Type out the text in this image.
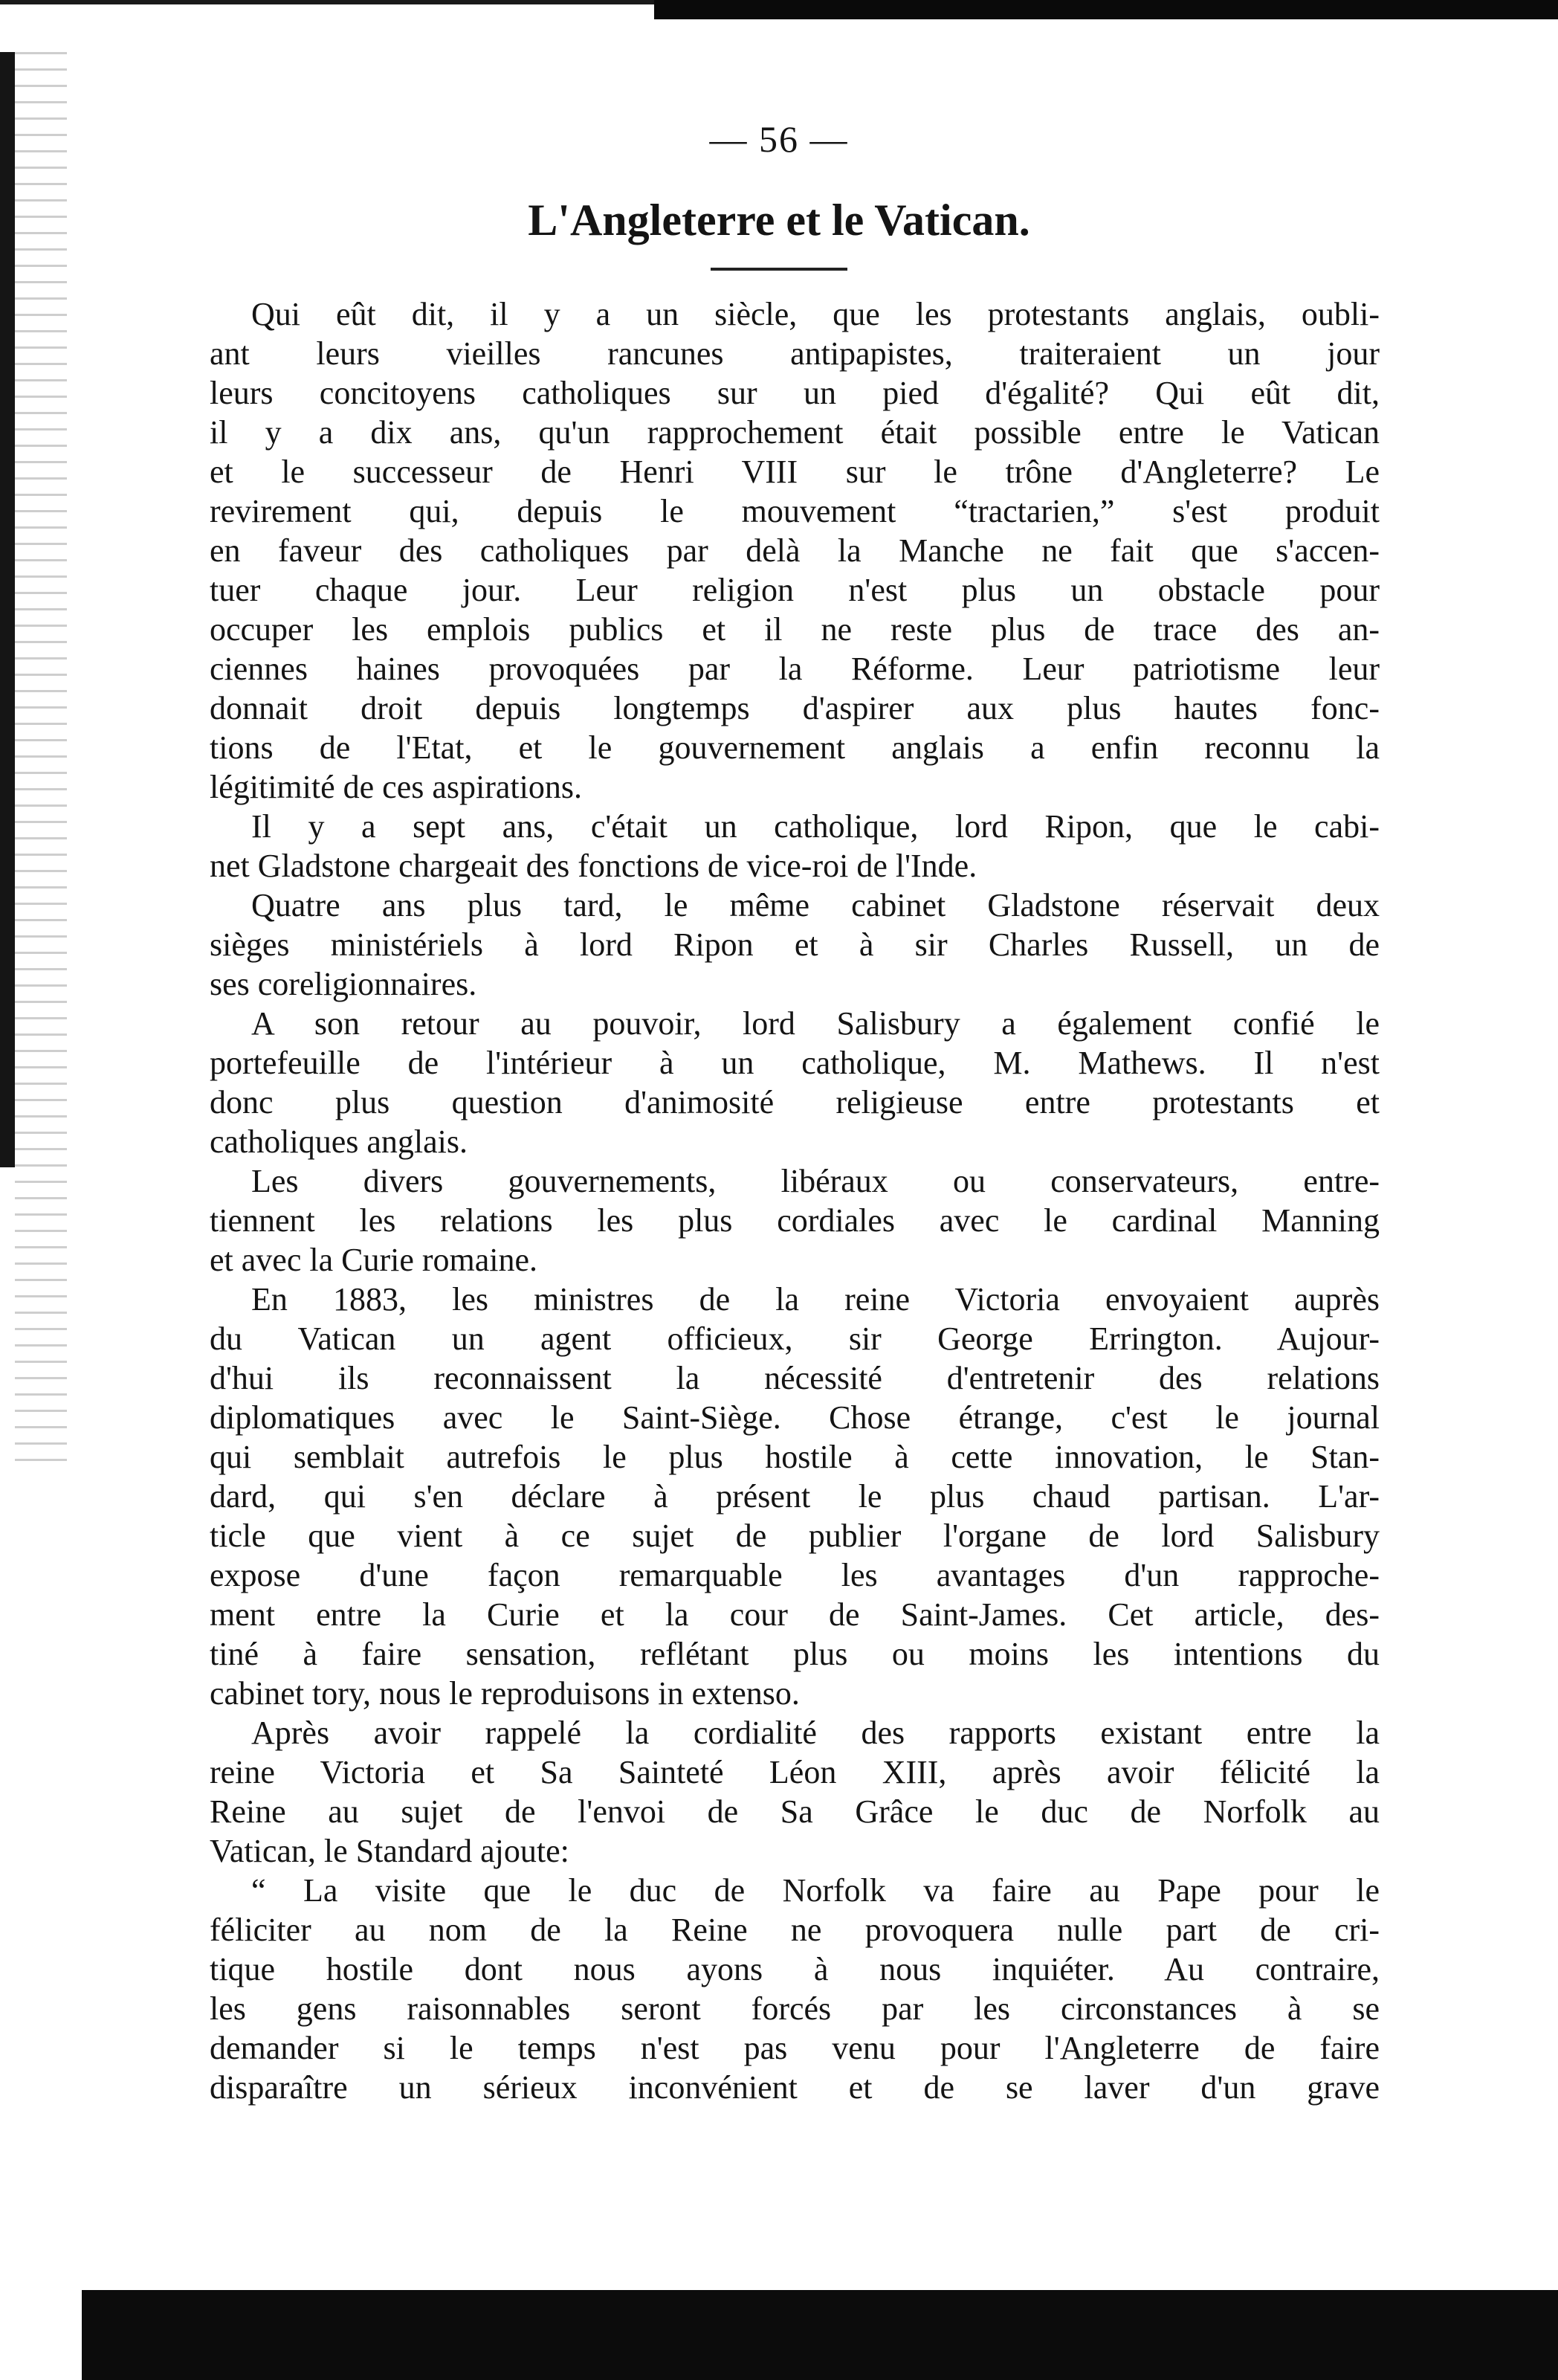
— 56 —
L'Angleterre et le Vatican.
Qui eût dit, il y a un siècle, que les protestants anglais, oubli-
ant leurs vieilles rancunes antipapistes, traiteraient un jour
leurs concitoyens catholiques sur un pied d'égalité? Qui eût dit,
il y a dix ans, qu'un rapprochement était possible entre le Vatican
et le successeur de Henri VIII sur le trône d'Angleterre? Le
revirement qui, depuis le mouvement “tractarien,” s'est produit
en faveur des catholiques par delà la Manche ne fait que s'accen-
tuer chaque jour. Leur religion n'est plus un obstacle pour
occuper les emplois publics et il ne reste plus de trace des an-
ciennes haines provoquées par la Réforme. Leur patriotisme leur
donnait droit depuis longtemps d'aspirer aux plus hautes fonc-
tions de l'Etat, et le gouvernement anglais a enfin reconnu la
légitimité de ces aspirations.
Il y a sept ans, c'était un catholique, lord Ripon, que le cabi-
net Gladstone chargeait des fonctions de vice-roi de l'Inde.
Quatre ans plus tard, le même cabinet Gladstone réservait deux
sièges ministériels à lord Ripon et à sir Charles Russell, un de
ses coreligionnaires.
A son retour au pouvoir, lord Salisbury a également confié le
portefeuille de l'intérieur à un catholique, M. Mathews. Il n'est
donc plus question d'animosité religieuse entre protestants et
catholiques anglais.
Les divers gouvernements, libéraux ou conservateurs, entre-
tiennent les relations les plus cordiales avec le cardinal Manning
et avec la Curie romaine.
En 1883, les ministres de la reine Victoria envoyaient auprès
du Vatican un agent officieux, sir George Errington. Aujour-
d'hui ils reconnaissent la nécessité d'entretenir des relations
diplomatiques avec le Saint-Siège. Chose étrange, c'est le journal
qui semblait autrefois le plus hostile à cette innovation, le Stan-
dard, qui s'en déclare à présent le plus chaud partisan. L'ar-
ticle que vient à ce sujet de publier l'organe de lord Salisbury
expose d'une façon remarquable les avantages d'un rapproche-
ment entre la Curie et la cour de Saint-James. Cet article, des-
tiné à faire sensation, reflétant plus ou moins les intentions du
cabinet tory, nous le reproduisons in extenso.
Après avoir rappelé la cordialité des rapports existant entre la
reine Victoria et Sa Sainteté Léon XIII, après avoir félicité la
Reine au sujet de l'envoi de Sa Grâce le duc de Norfolk au
Vatican, le Standard ajoute:
“ La visite que le duc de Norfolk va faire au Pape pour le
féliciter au nom de la Reine ne provoquera nulle part de cri-
tique hostile dont nous ayons à nous inquiéter. Au contraire,
les gens raisonnables seront forcés par les circonstances à se
demander si le temps n'est pas venu pour l'Angleterre de faire
disparaître un sérieux inconvénient et de se laver d'un grave
